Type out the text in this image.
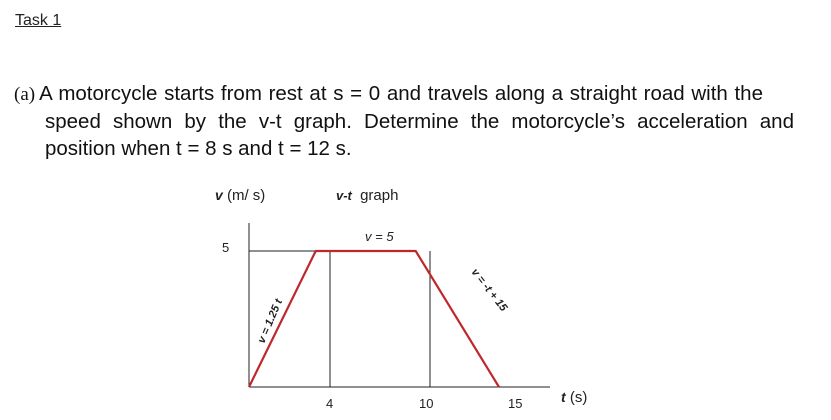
Task 1
(a) A motorcycle starts from rest at s = 0 and travels along a straight road with the
speed shown by the v-t graph. Determine the motorcycle’s acceleration and
position when t = 8 s and t = 12 s.
v-t graph
v (m/ s)
t (s)
5
4	10	15
v = 5
v = 1.25 t
v = -t + 15
